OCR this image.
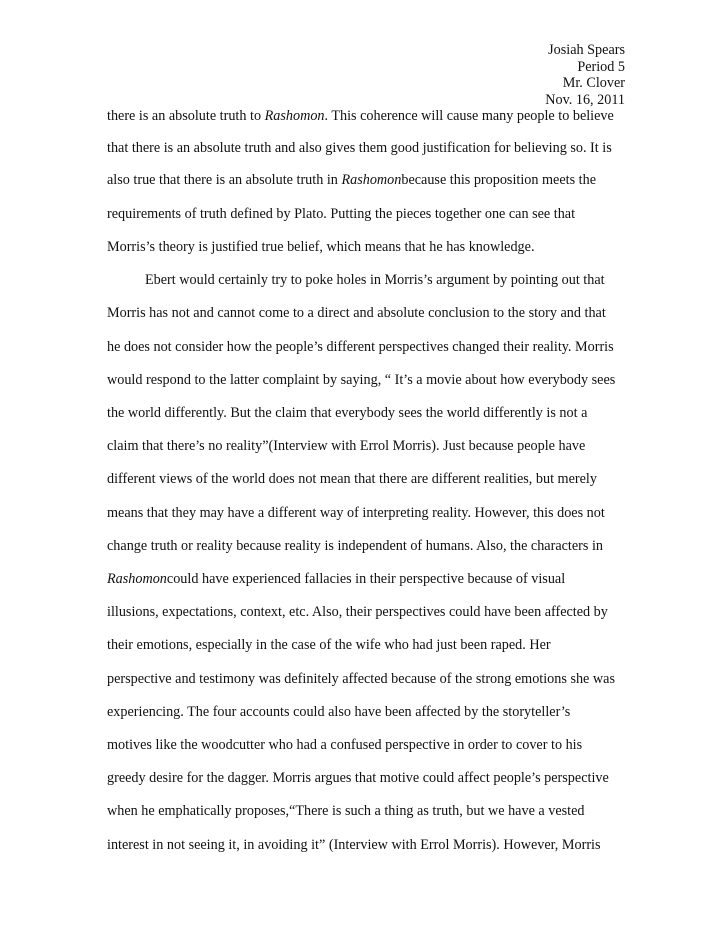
Josiah Spears
Period 5
Mr. Clover
Nov. 16, 2011
there is an absolute truth to Rashomon. This coherence will cause many people to believe
that there is an absolute truth and also gives them good justification for believing so. It is
also true that there is an absolute truth in Rashomonbecause this proposition meets the
requirements of truth defined by Plato. Putting the pieces together one can see that
Morris’s theory is justified true belief, which means that he has knowledge.
Ebert would certainly try to poke holes in Morris’s argument by pointing out that
Morris has not and cannot come to a direct and absolute conclusion to the story and that
he does not consider how the people’s different perspectives changed their reality. Morris
would respond to the latter complaint by saying, “ It’s a movie about how everybody sees
the world differently. But the claim that everybody sees the world differently is not a
claim that there’s no reality”(Interview with Errol Morris). Just because people have
different views of the world does not mean that there are different realities, but merely
means that they may have a different way of interpreting reality. However, this does not
change truth or reality because reality is independent of humans. Also, the characters in
Rashomoncould have experienced fallacies in their perspective because of visual
illusions, expectations, context, etc. Also, their perspectives could have been affected by
their emotions, especially in the case of the wife who had just been raped. Her
perspective and testimony was definitely affected because of the strong emotions she was
experiencing. The four accounts could also have been affected by the storyteller’s
motives like the woodcutter who had a confused perspective in order to cover to his
greedy desire for the dagger. Morris argues that motive could affect people’s perspective
when he emphatically proposes,“There is such a thing as truth, but we have a vested
interest in not seeing it, in avoiding it” (Interview with Errol Morris). However, Morris
